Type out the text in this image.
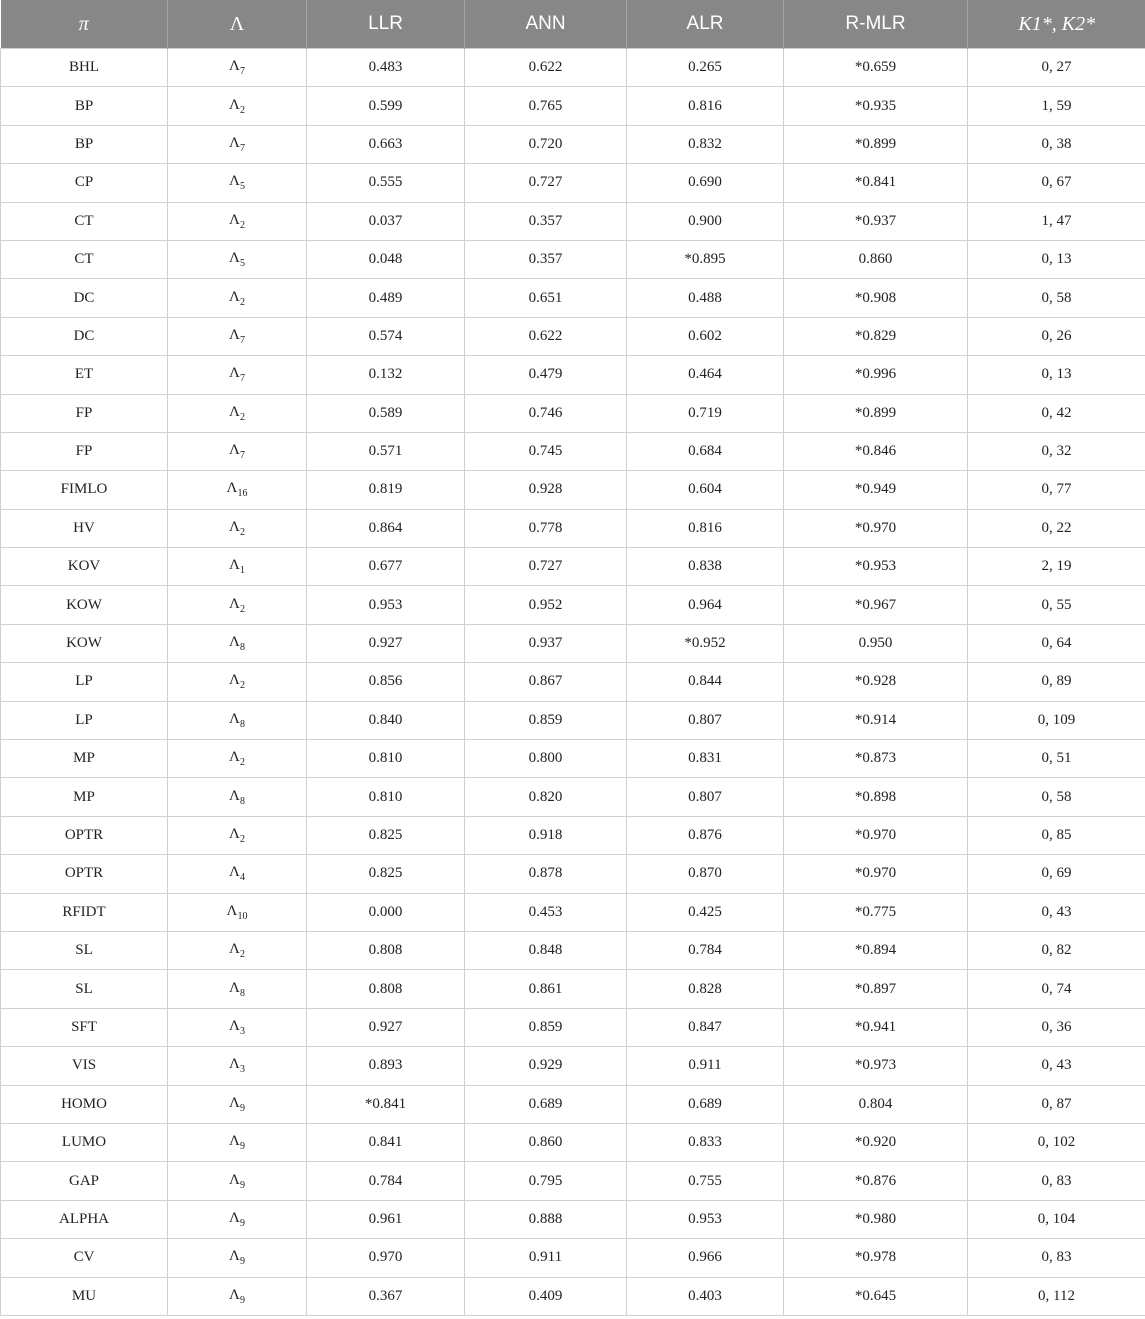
π	Λ	LLR	ANN	ALR	R-MLR	K1*, K2*
BHL	$\Lambda_7$	0.483	0.622	0.265	*0.659	0, 27
BP	$\Lambda_2$	0.599	0.765	0.816	*0.935	1, 59
BP	$\Lambda_7$	0.663	0.720	0.832	*0.899	0, 38
CP	$\Lambda_5$	0.555	0.727	0.690	*0.841	0, 67
CT	$\Lambda_2$	0.037	0.357	0.900	*0.937	1, 47
CT	$\Lambda_5$	0.048	0.357	*0.895	0.860	0, 13
DC	$\Lambda_2$	0.489	0.651	0.488	*0.908	0, 58
DC	$\Lambda_7$	0.574	0.622	0.602	*0.829	0, 26
ET	$\Lambda_7$	0.132	0.479	0.464	*0.996	0, 13
FP	$\Lambda_2$	0.589	0.746	0.719	*0.899	0, 42
FP	$\Lambda_7$	0.571	0.745	0.684	*0.846	0, 32
FIMLO	$\Lambda_{16}$	0.819	0.928	0.604	*0.949	0, 77
HV	$\Lambda_2$	0.864	0.778	0.816	*0.970	0, 22
KOV	$\Lambda_1$	0.677	0.727	0.838	*0.953	2, 19
KOW	$\Lambda_2$	0.953	0.952	0.964	*0.967	0, 55
KOW	$\Lambda_8$	0.927	0.937	*0.952	0.950	0, 64
LP	$\Lambda_2$	0.856	0.867	0.844	*0.928	0, 89
LP	$\Lambda_8$	0.840	0.859	0.807	*0.914	0, 109
MP	$\Lambda_2$	0.810	0.800	0.831	*0.873	0, 51
MP	$\Lambda_8$	0.810	0.820	0.807	*0.898	0, 58
OPTR	$\Lambda_2$	0.825	0.918	0.876	*0.970	0, 85
OPTR	$\Lambda_4$	0.825	0.878	0.870	*0.970	0, 69
RFIDT	$\Lambda_{10}$	0.000	0.453	0.425	*0.775	0, 43
SL	$\Lambda_2$	0.808	0.848	0.784	*0.894	0, 82
SL	$\Lambda_8$	0.808	0.861	0.828	*0.897	0, 74
SFT	$\Lambda_3$	0.927	0.859	0.847	*0.941	0, 36
VIS	$\Lambda_3$	0.893	0.929	0.911	*0.973	0, 43
HOMO	$\Lambda_9$	*0.841	0.689	0.689	0.804	0, 87
LUMO	$\Lambda_9$	0.841	0.860	0.833	*0.920	0, 102
GAP	$\Lambda_9$	0.784	0.795	0.755	*0.876	0, 83
ALPHA	$\Lambda_9$	0.961	0.888	0.953	*0.980	0, 104
CV	$\Lambda_9$	0.970	0.911	0.966	*0.978	0, 83
MU	$\Lambda_9$	0.367	0.409	0.403	*0.645	0, 112
